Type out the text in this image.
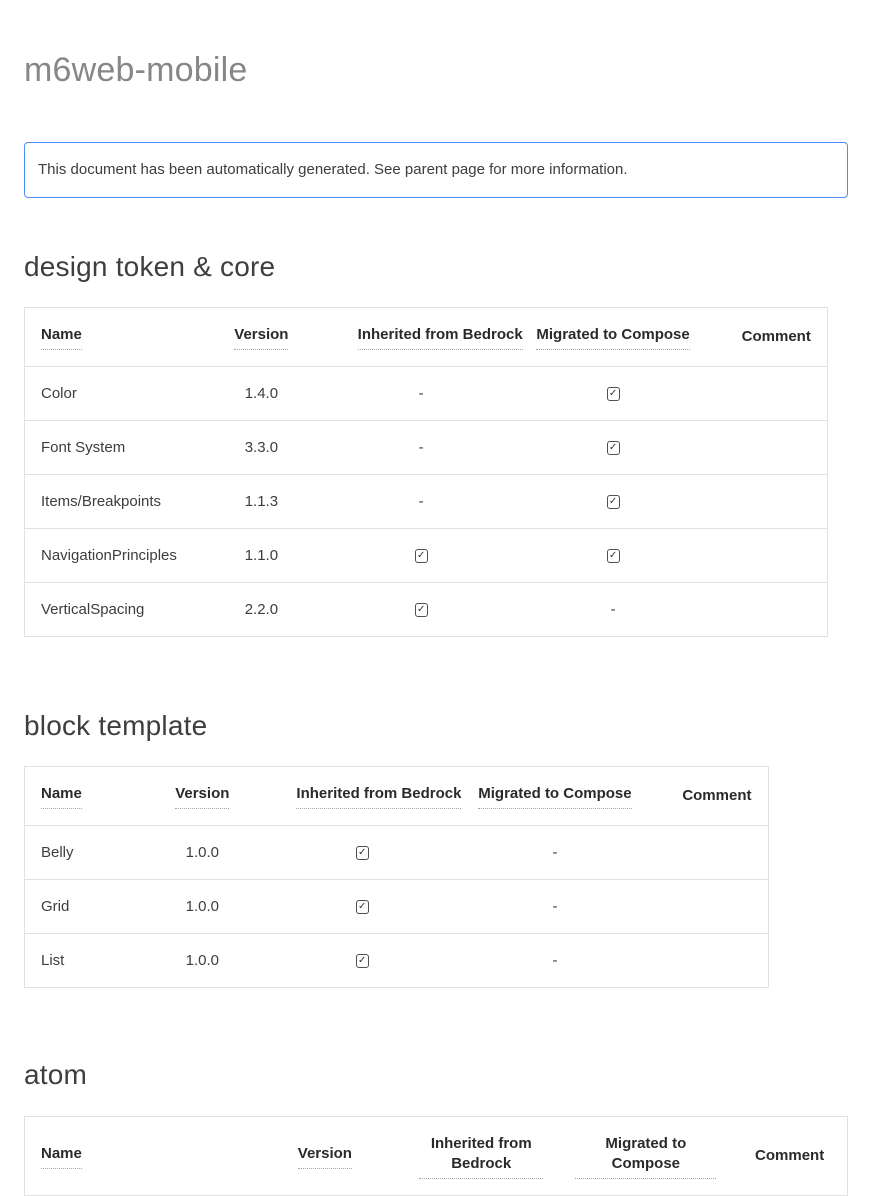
m6web-mobile
This document has been automatically generated. See parent page for more information.
design token & core
Name	Version	Inherited from Bedrock	Migrated to Compose	Comment
Color	1.4.0	-	✓	

Font System	3.3.0	-	✓	

Items/Breakpoints	1.1.3	-	✓	

NavigationPrinciples	1.1.0	✓	✓	

VerticalSpacing	2.2.0	✓	-	
block template
Name	Version	Inherited from Bedrock	Migrated to Compose	Comment
Belly	1.0.0	✓	-	
Grid	1.0.0	✓	-	
List	1.0.0	✓	-	
atom
Name	Version	Inherited from Bedrock	Migrated to Compose	Comment
